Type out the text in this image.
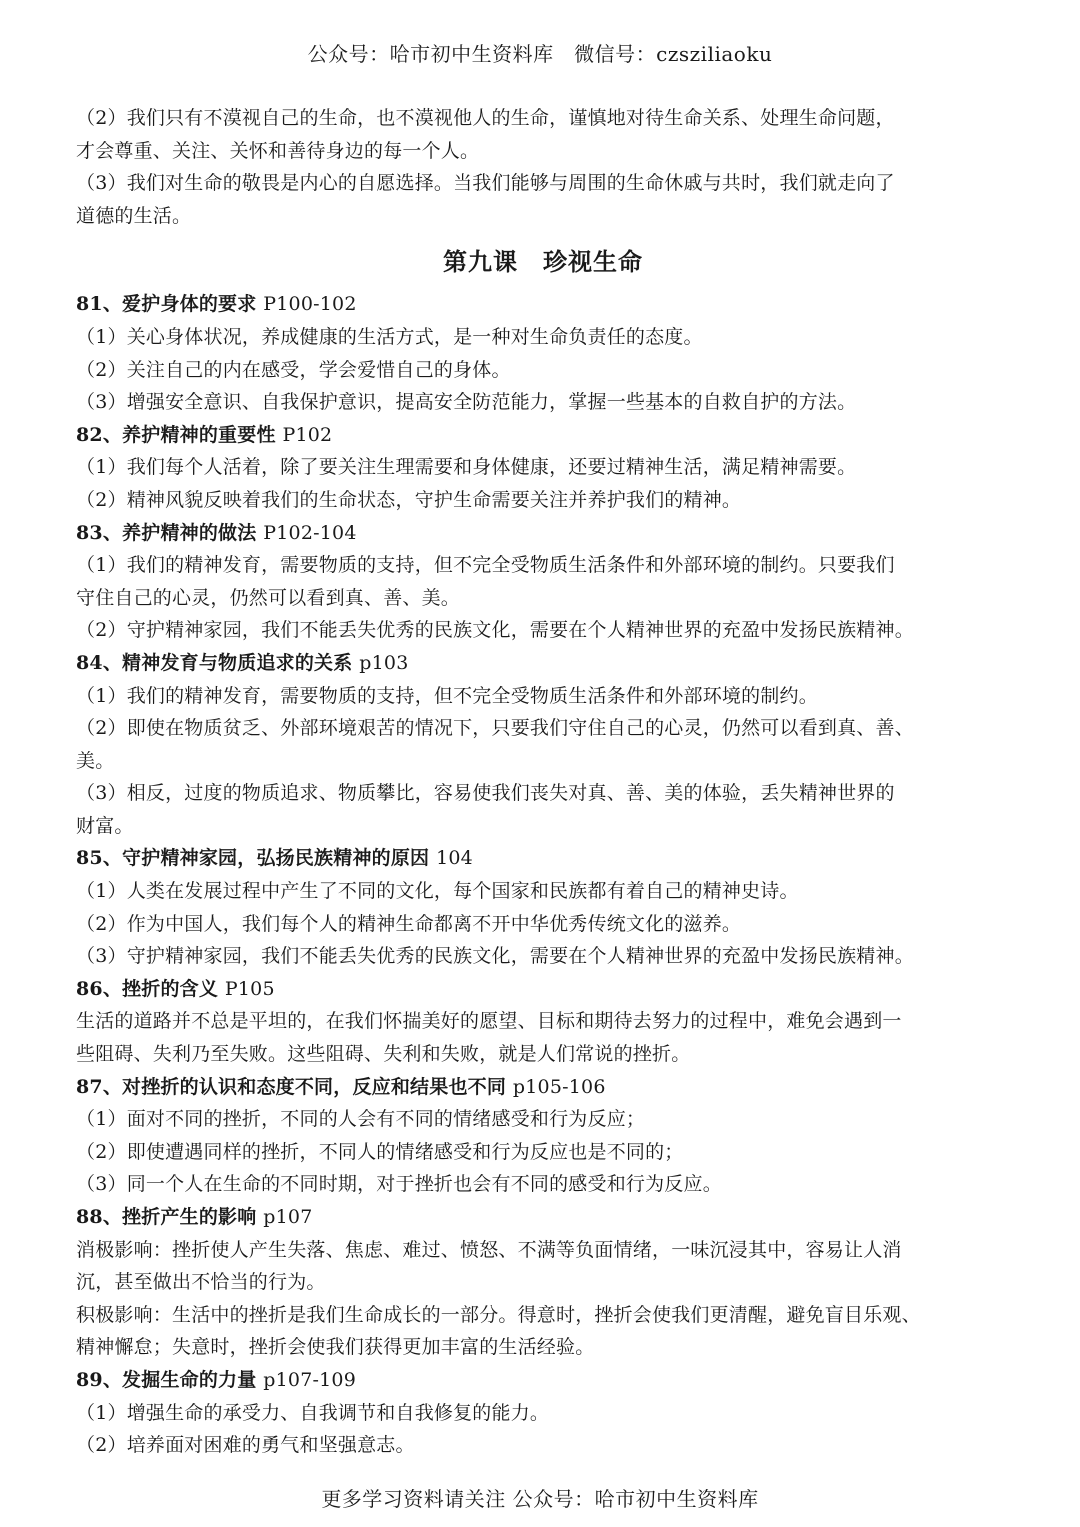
公众号：哈市初中生资料库　微信号：czsziliaoku
（2）我们只有不漠视自己的生命，也不漠视他人的生命，谨慎地对待生命关系、处理生命问题，
才会尊重、关注、关怀和善待身边的每一个人。
（3）我们对生命的敬畏是内心的自愿选择。当我们能够与周围的生命休戚与共时，我们就走向了
道德的生活。
第九课　珍视生命
81、爱护身体的要求 P100-102
（1）关心身体状况，养成健康的生活方式，是一种对生命负责任的态度。
（2）关注自己的内在感受，学会爱惜自己的身体。
（3）增强安全意识、自我保护意识，提高安全防范能力，掌握一些基本的自救自护的方法。
82、养护精神的重要性 P102
（1）我们每个人活着，除了要关注生理需要和身体健康，还要过精神生活，满足精神需要。
（2）精神风貌反映着我们的生命状态，守护生命需要关注并养护我们的精神。
83、养护精神的做法 P102-104
（1）我们的精神发育，需要物质的支持，但不完全受物质生活条件和外部环境的制约。只要我们
守住自己的心灵，仍然可以看到真、善、美。
（2）守护精神家园，我们不能丢失优秀的民族文化，需要在个人精神世界的充盈中发扬民族精神。
84、精神发育与物质追求的关系 p103
（1）我们的精神发育，需要物质的支持，但不完全受物质生活条件和外部环境的制约。
（2）即使在物质贫乏、外部环境艰苦的情况下，只要我们守住自己的心灵，仍然可以看到真、善、
美。
（3）相反，过度的物质追求、物质攀比，容易使我们丧失对真、善、美的体验，丢失精神世界的
财富。
85、守护精神家园，弘扬民族精神的原因 104
（1）人类在发展过程中产生了不同的文化，每个国家和民族都有着自己的精神史诗。
（2）作为中国人，我们每个人的精神生命都离不开中华优秀传统文化的滋养。
（3）守护精神家园，我们不能丢失优秀的民族文化，需要在个人精神世界的充盈中发扬民族精神。
86、挫折的含义 P105
生活的道路并不总是平坦的，在我们怀揣美好的愿望、目标和期待去努力的过程中，难免会遇到一
些阻碍、失利乃至失败。这些阻碍、失利和失败，就是人们常说的挫折。
87、对挫折的认识和态度不同，反应和结果也不同 p105-106
（1）面对不同的挫折，不同的人会有不同的情绪感受和行为反应；
（2）即使遭遇同样的挫折，不同人的情绪感受和行为反应也是不同的；
（3）同一个人在生命的不同时期，对于挫折也会有不同的感受和行为反应。
88、挫折产生的影响 p107
消极影响：挫折使人产生失落、焦虑、难过、愤怒、不满等负面情绪，一味沉浸其中，容易让人消
沉，甚至做出不恰当的行为。
积极影响：生活中的挫折是我们生命成长的一部分。得意时，挫折会使我们更清醒，避免盲目乐观、
精神懈怠；失意时，挫折会使我们获得更加丰富的生活经验。
89、发掘生命的力量 p107-109
（1）增强生命的承受力、自我调节和自我修复的能力。
（2）培养面对困难的勇气和坚强意志。
更多学习资料请关注 公众号：哈市初中生资料库
